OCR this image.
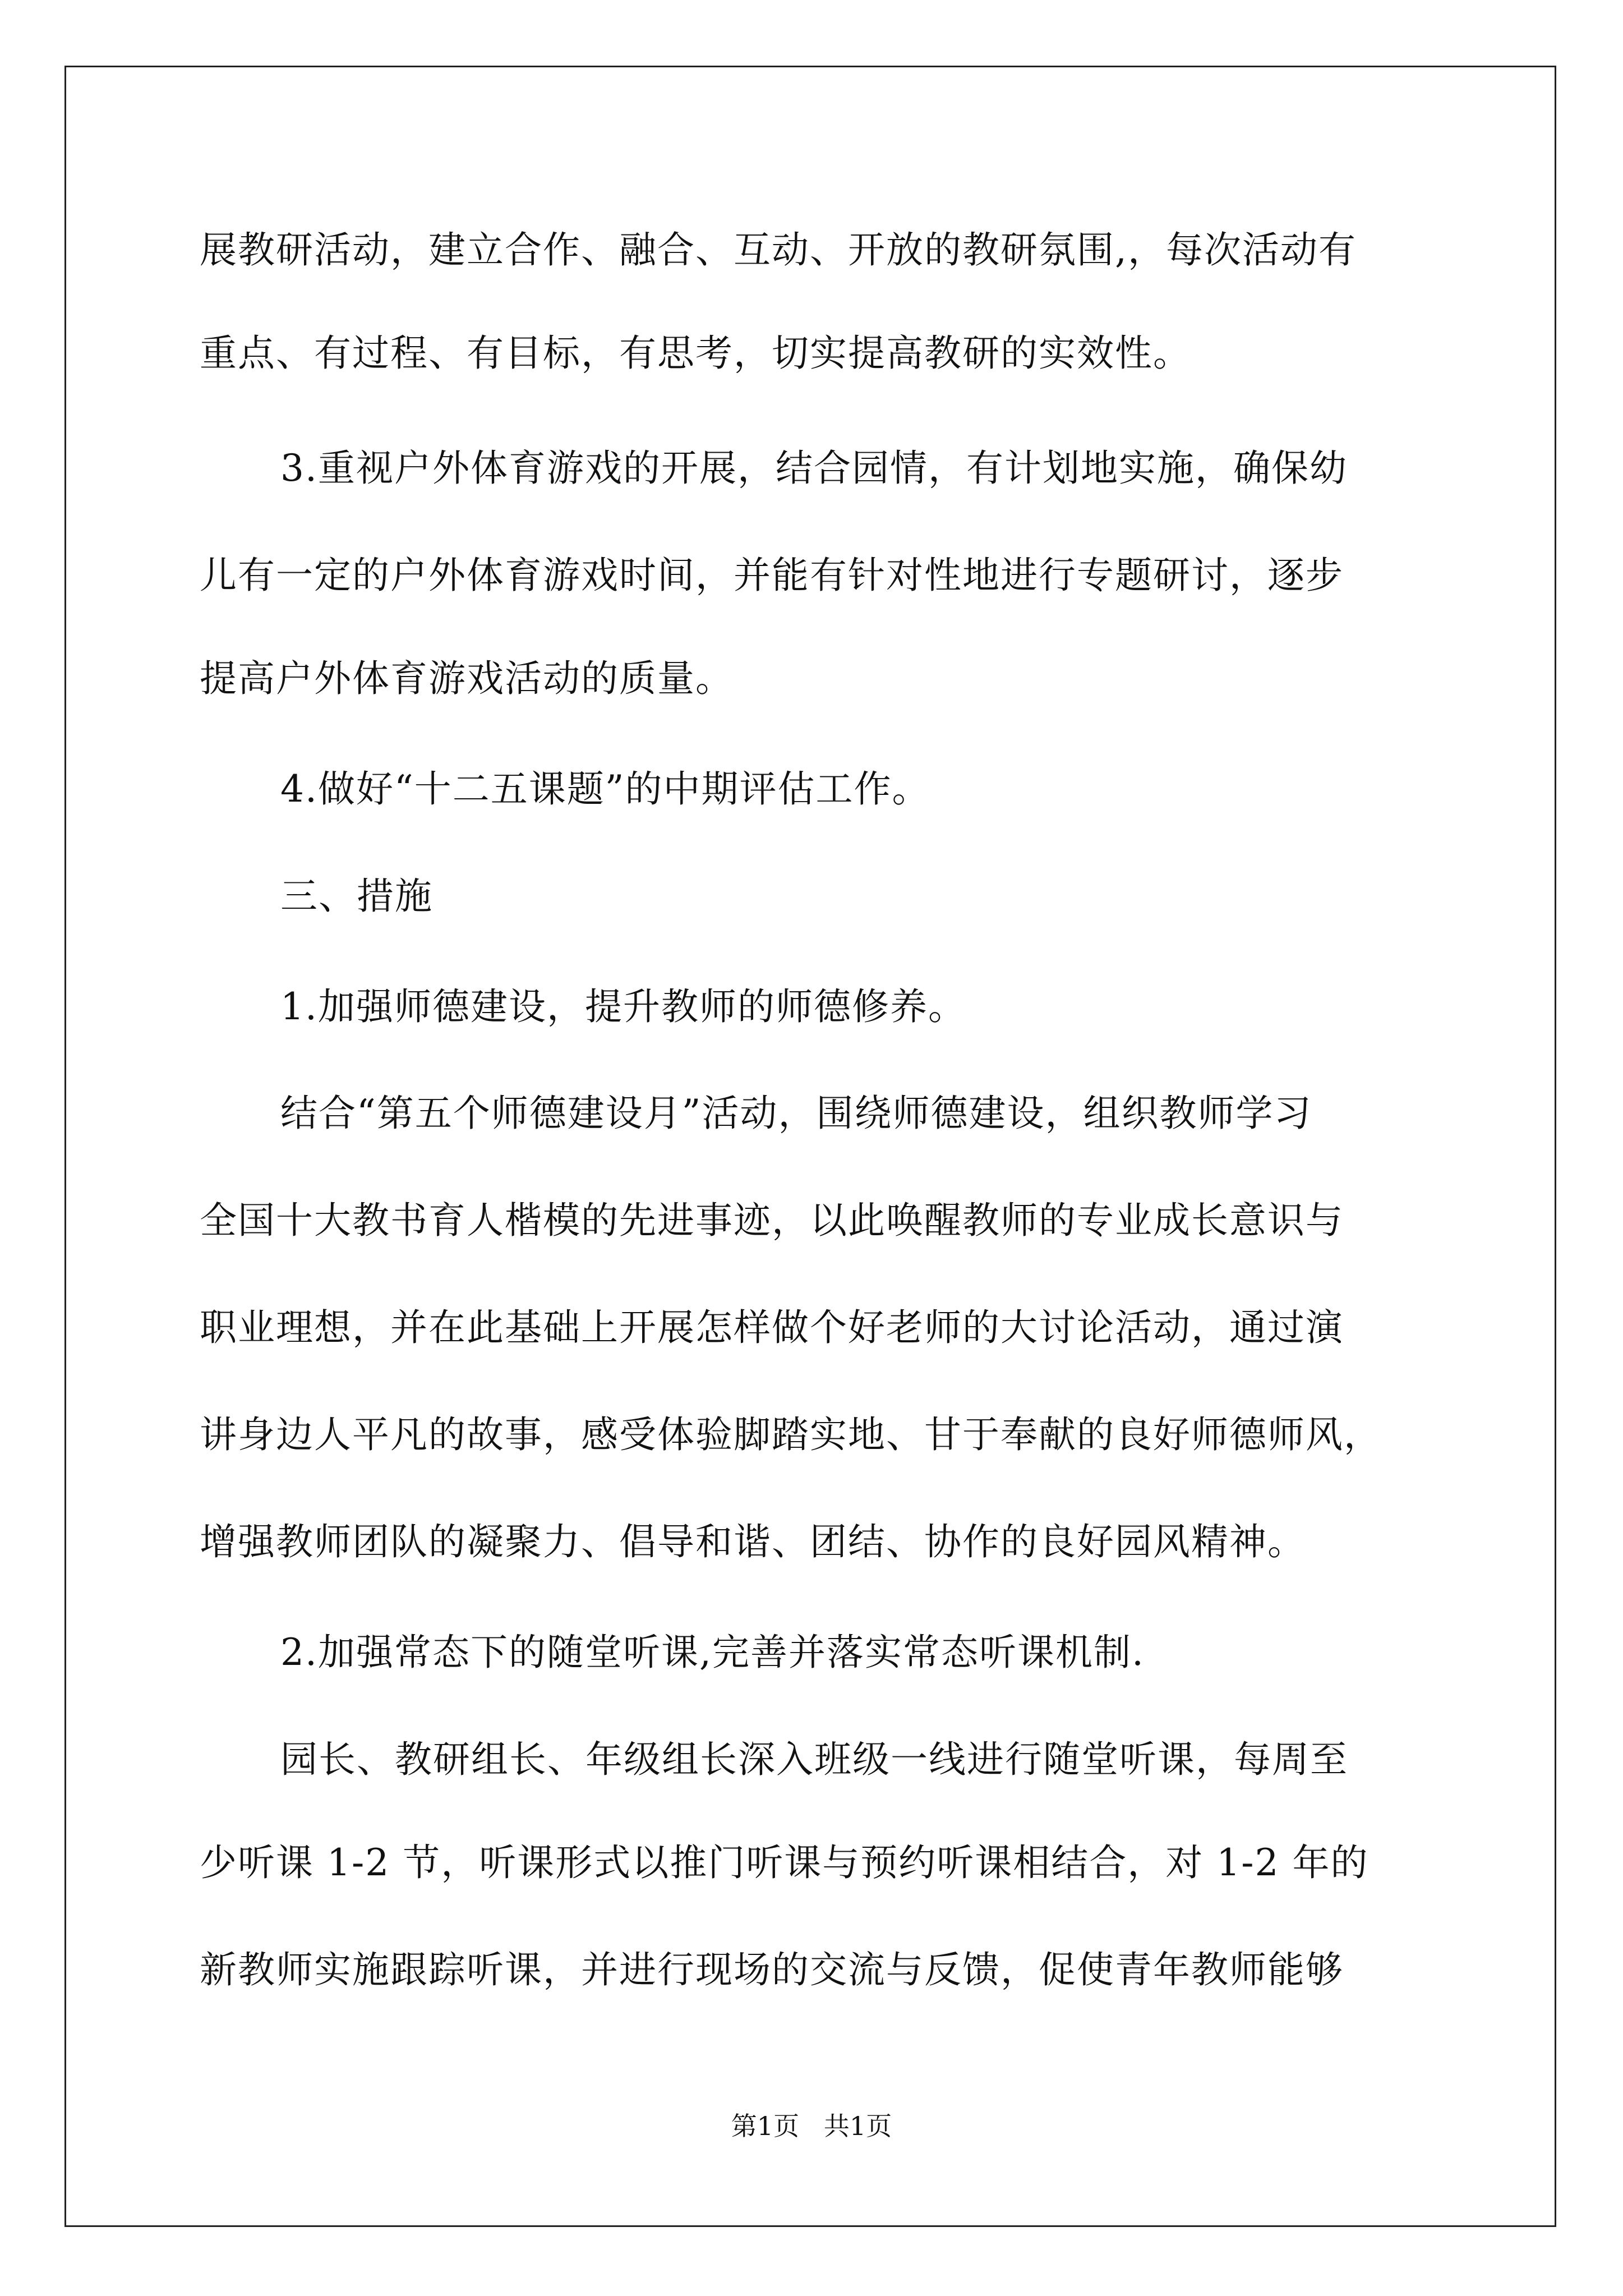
展教研活动，建立合作、融合、互动、开放的教研氛围,，每次活动有
重点、有过程、有目标，有思考，切实提高教研的实效性。
3.重视户外体育游戏的开展，结合园情，有计划地实施，确保幼
儿有一定的户外体育游戏时间，并能有针对性地进行专题研讨，逐步
提高户外体育游戏活动的质量。
4.做好“十二五课题”的中期评估工作。
三、措施
1.加强师德建设，提升教师的师德修养。
结合“第五个师德建设月”活动，围绕师德建设，组织教师学习
全国十大教书育人楷模的先进事迹，以此唤醒教师的专业成长意识与
职业理想，并在此基础上开展怎样做个好老师的大讨论活动，通过演
讲身边人平凡的故事，感受体验脚踏实地、甘于奉献的良好师德师风，
增强教师团队的凝聚力、倡导和谐、团结、协作的良好园风精神。
2.加强常态下的随堂听课,完善并落实常态听课机制.
园长、教研组长、年级组长深入班级一线进行随堂听课，每周至
少听课 1-2 节，听课形式以推门听课与预约听课相结合，对 1-2 年的
新教师实施跟踪听课，并进行现场的交流与反馈，促使青年教师能够
第1页   共1页
